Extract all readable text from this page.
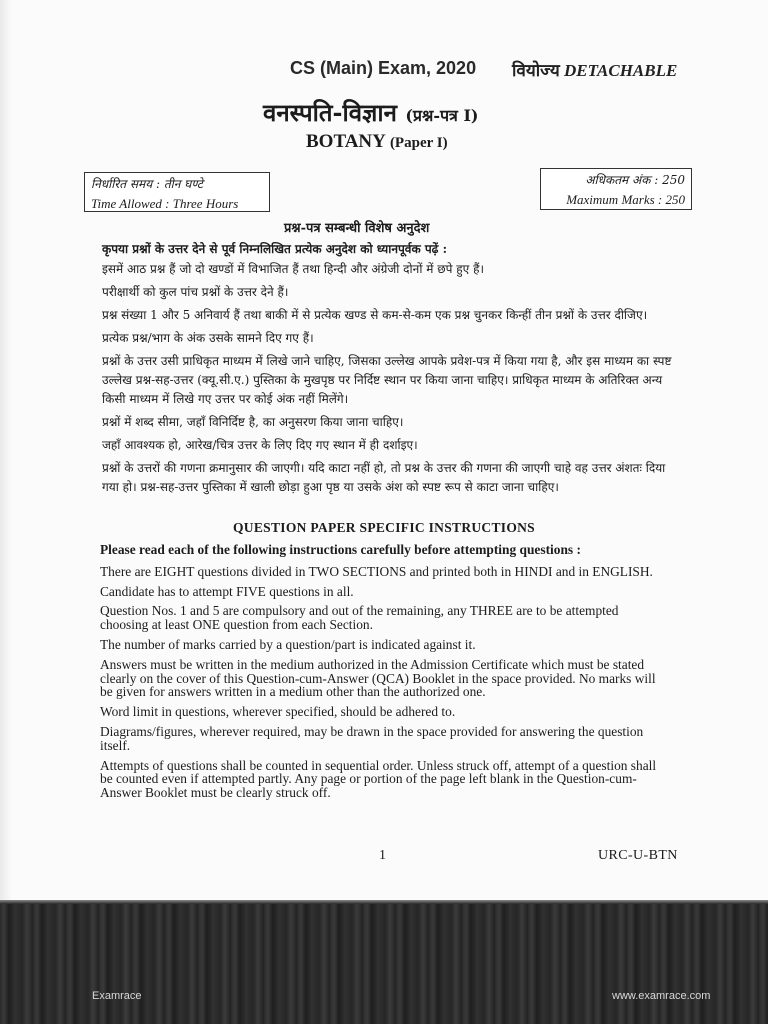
CS (Main) Exam, 2020 वियोज्य DETACHABLE
वनस्पति-विज्ञान (प्रश्न-पत्र I)
BOTANY (Paper I)
निर्धारित समय : तीन घण्टे
Time Allowed : Three Hours
अधिकतम अंक : 250
Maximum Marks : 250
प्रश्न-पत्र सम्बन्धी विशेष अनुदेश

कृपया प्रश्नों के उत्तर देने से पूर्व निम्नलिखित प्रत्येक अनुदेश को ध्यानपूर्वक पढ़ें :

इसमें आठ प्रश्न हैं जो दो खण्डों में विभाजित हैं तथा हिन्दी और अंग्रेजी दोनों में छपे हुए हैं।

परीक्षार्थी को कुल पांच प्रश्नों के उत्तर देने हैं।

प्रश्न संख्या 1 और 5 अनिवार्य हैं तथा बाकी में से प्रत्येक खण्ड से कम-से-कम एक प्रश्न चुनकर किन्हीं तीन प्रश्नों के उत्तर दीजिए।

प्रत्येक प्रश्न/भाग के अंक उसके सामने दिए गए हैं।

प्रश्नों के उत्तर उसी प्राधिकृत माध्यम में लिखे जाने चाहिए, जिसका उल्लेख आपके प्रवेश-पत्र में किया गया है, और इस माध्यम का स्पष्ट उल्लेख प्रश्न-सह-उत्तर (क्यू.सी.ए.) पुस्तिका के मुखपृष्ठ पर निर्दिष्ट स्थान पर किया जाना चाहिए। प्राधिकृत माध्यम के अतिरिक्त अन्य किसी माध्यम में लिखे गए उत्तर पर कोई अंक नहीं मिलेंगे।

प्रश्नों में शब्द सीमा, जहाँ विनिर्दिष्ट है, का अनुसरण किया जाना चाहिए।

जहाँ आवश्यक हो, आरेख/चित्र उत्तर के लिए दिए गए स्थान में ही दर्शाइए।

प्रश्नों के उत्तरों की गणना क्रमानुसार की जाएगी। यदि काटा नहीं हो, तो प्रश्न के उत्तर की गणना की जाएगी चाहे वह उत्तर अंशतः दिया गया हो। प्रश्न-सह-उत्तर पुस्तिका में खाली छोड़ा हुआ पृष्ठ या उसके अंश को स्पष्ट रूप से काटा जाना चाहिए।

QUESTION PAPER SPECIFIC INSTRUCTIONS

Please read each of the following instructions carefully before attempting questions :

There are EIGHT questions divided in TWO SECTIONS and printed both in HINDI and in ENGLISH.

Candidate has to attempt FIVE questions in all.

Question Nos. 1 and 5 are compulsory and out of the remaining, any THREE are to be attempted choosing at least ONE question from each Section.

The number of marks carried by a question/part is indicated against it.

Answers must be written in the medium authorized in the Admission Certificate which must be stated clearly on the cover of this Question-cum-Answer (QCA) Booklet in the space provided. No marks will be given for answers written in a medium other than the authorized one.

Word limit in questions, wherever specified, should be adhered to.

Diagrams/figures, wherever required, may be drawn in the space provided for answering the question itself.

Attempts of questions shall be counted in sequential order. Unless struck off, attempt of a question shall be counted even if attempted partly. Any page or portion of the page left blank in the Question-cum-Answer Booklet must be clearly struck off.

1	URC-U-BTN
Examrace	www.examrace.com
